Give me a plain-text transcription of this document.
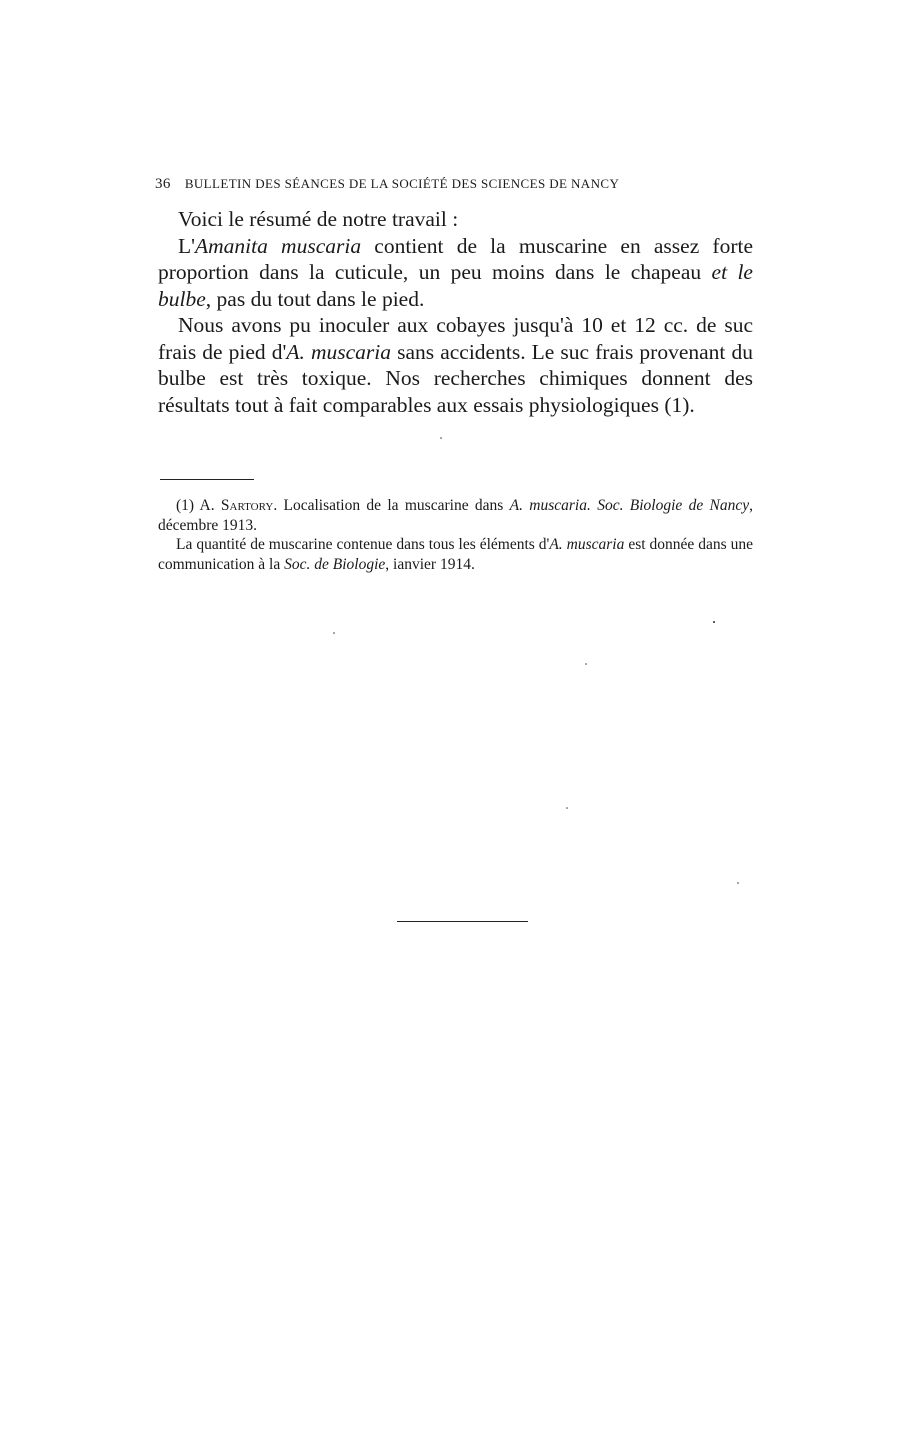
36 BULLETIN DES SÉANCES DE LA SOCIÉTÉ DES SCIENCES DE NANCY

Voici le résumé de notre travail :

L'Amanita muscaria contient de la muscarine en assez forte proportion dans la cuticule, un peu moins dans le chapeau et le bulbe, pas du tout dans le pied.

Nous avons pu inoculer aux cobayes jusqu'à 10 et 12 cc. de suc frais de pied d'A. muscaria sans accidents. Le suc frais provenant du bulbe est très toxique. Nos recherches chimiques donnent des résultats tout à fait comparables aux essais physiologiques (1).

(1) A. Sartory. Localisation de la muscarine dans A. muscaria. Soc. Biologie de Nancy, décembre 1913.

La quantité de muscarine contenue dans tous les éléments d'A. muscaria est donnée dans une communication à la Soc. de Biologie, ianvier 1914.
